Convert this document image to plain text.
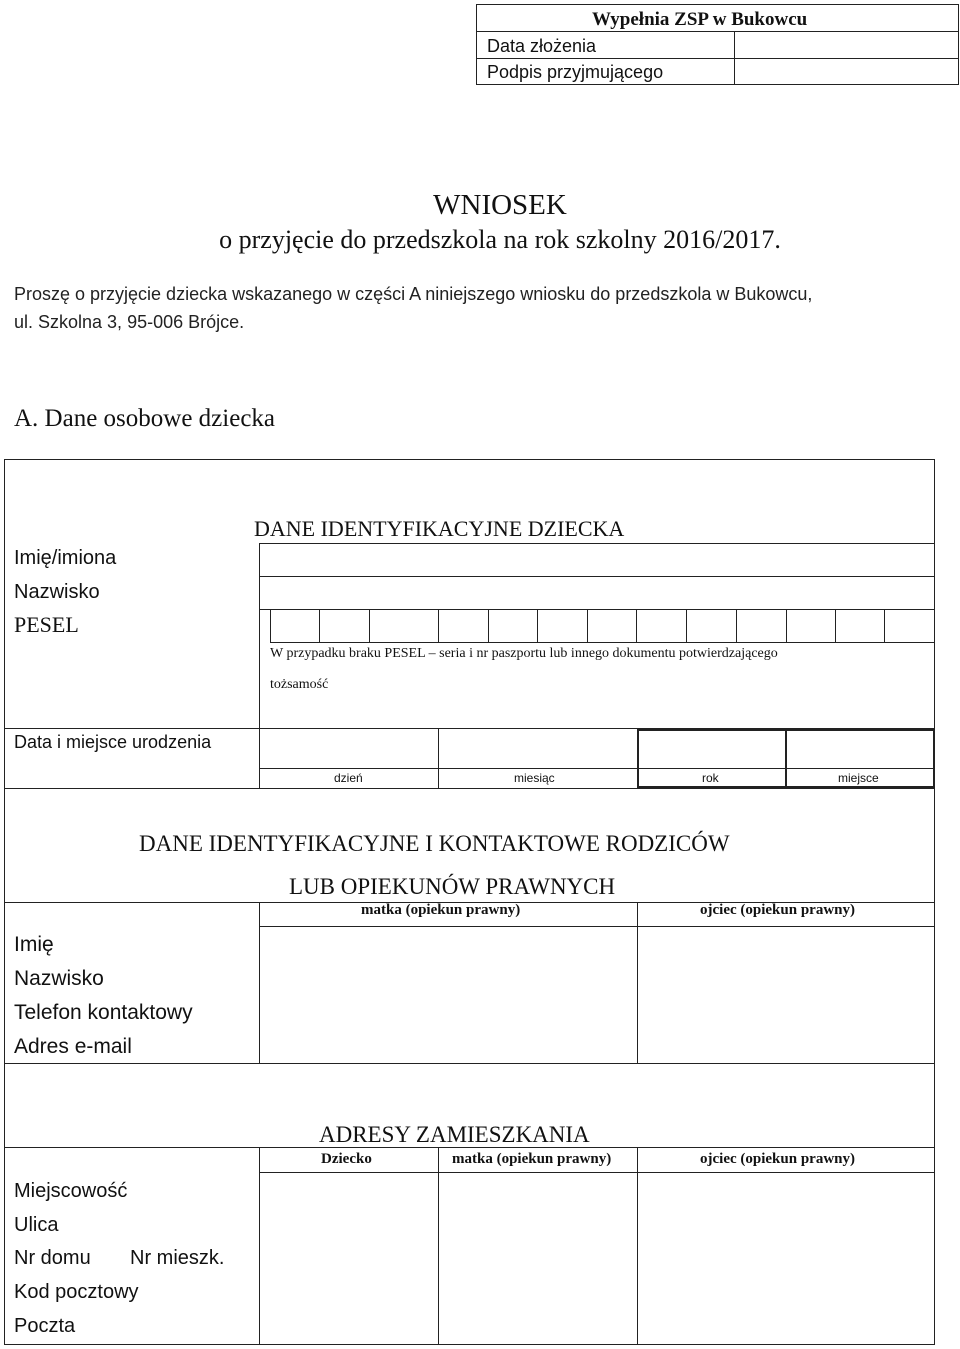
Wypełnia ZSP w Bukowcu
Data złożenia
Podpis przyjmującego
WNIOSEK
o przyjęcie do przedszkola na rok szkolny 2016/2017.
Proszę o przyjęcie dziecka wskazanego w części A niniejszego wniosku do przedszkola w Bukowcu,
ul. Szkolna 3, 95-006 Brójce.
A. Dane osobowe dziecka
DANE IDENTYFIKACYJNE DZIECKA
Imię/imiona
Nazwisko
PESEL
W przypadku braku PESEL – seria i nr paszportu lub innego dokumentu potwierdzającego
tożsamość
Data i miejsce urodzenia
dzień	miesiąc	rok	miejsce
DANE IDENTYFIKACYJNE I KONTAKTOWE RODZICÓW
LUB OPIEKUNÓW PRAWNYCH
matka (opiekun prawny)	ojciec (opiekun prawny)
Imię
Nazwisko
Telefon kontaktowy
Adres e-mail
ADRESY ZAMIESZKANIA
Dziecko	matka (opiekun prawny)	ojciec (opiekun prawny)
Miejscowość
Ulica
Nr domu Nr mieszk.
Kod pocztowy
Poczta
